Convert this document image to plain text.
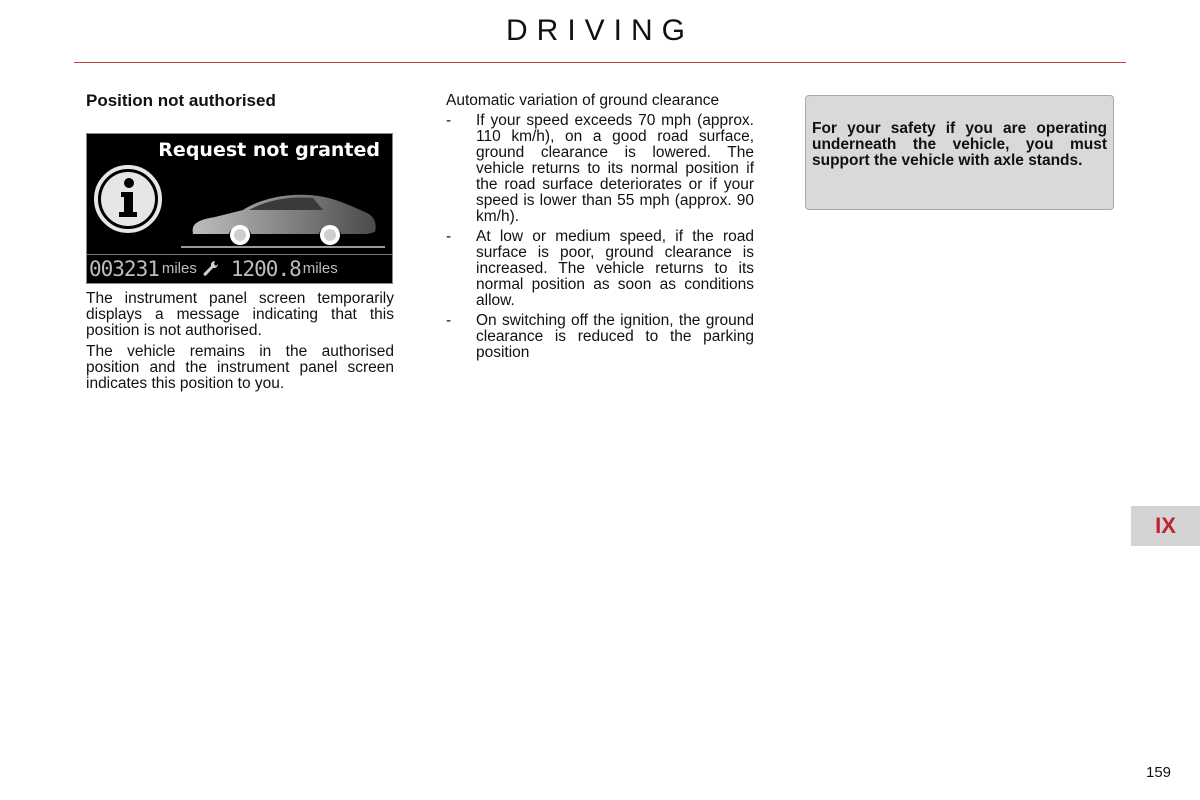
DRIVING
Position not authorised
Request not granted
003231 miles 1200.8 miles

The instrument panel screen temporarily displays a message indicating that this position is not authorised.

The vehicle remains in the authorised position and the instrument panel screen indicates this position to you.

Automatic variation of ground clearance

- If your speed exceeds 70 mph (approx. 110 km/h), on a good road surface, ground clearance is lowered. The vehicle returns to its normal position if the road surface deteriorates or if your speed is lower than 55 mph (approx. 90 km/h).
- At low or medium speed, if the road surface is poor, ground clearance is increased. The vehicle returns to its normal position as soon as conditions allow.
- On switching off the ignition, the ground clearance is reduced to the parking position
For your safety if you are operating underneath the vehicle, you must support the vehicle with axle stands.
IX
159
